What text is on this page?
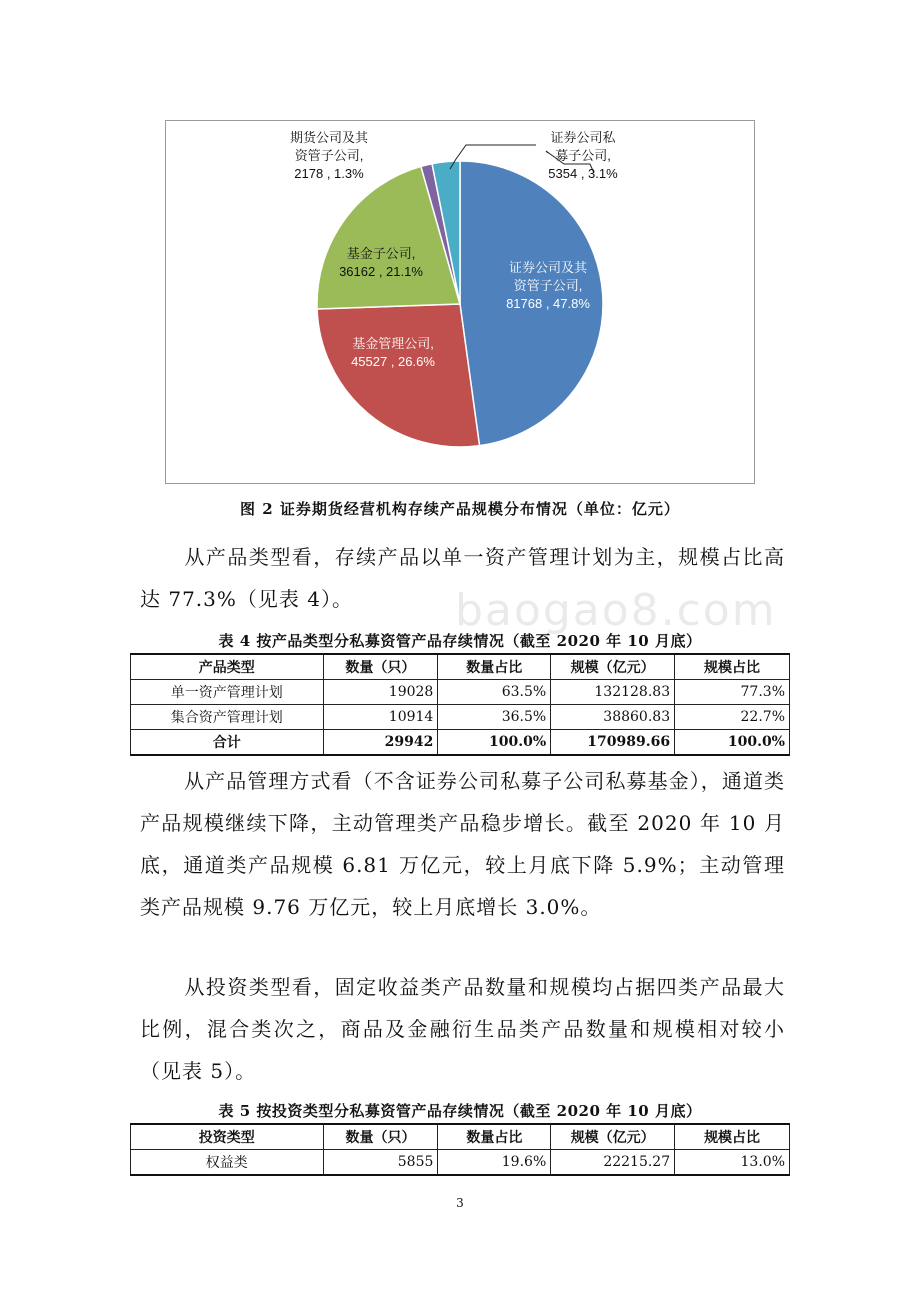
证券公司及其
资管子公司,
81768 , 47.8%
基金管理公司,
45527 , 26.6%
基金子公司,
36162 , 21.1%
期货公司及其
资管子公司,
2178 , 1.3%
证券公司私
募子公司,
5354 , 3.1%
图 2 证券期货经营机构存续产品规模分布情况（单位：亿元）
从产品类型看，存续产品以单一资产管理计划为主，规模占比高达 77.3%（见表 4）。	baogao8.com
表 4 按产品类型分私募资管产品存续情况（截至 2020 年 10 月底）
产品类型	数量（只）	数量占比	规模（亿元）	规模占比
单一资产管理计划	19028	63.5%	132128.83	77.3%
集合资产管理计划	10914	36.5%	38860.83	22.7%
合计	29942	100.0%	170989.66	100.0%
从产品管理方式看（不含证券公司私募子公司私募基金），通道类产品规模继续下降，主动管理类产品稳步增长。截至 2020 年 10 月底，通道类产品规模 6.81 万亿元，较上月底下降 5.9%；主动管理类产品规模 9.76 万亿元，较上月底增长 3.0%。
从投资类型看，固定收益类产品数量和规模均占据四类产品最大比例，混合类次之，商品及金融衍生品类产品数量和规模相对较小（见表 5）。
表 5 按投资类型分私募资管产品存续情况（截至 2020 年 10 月底）
投资类型	数量（只）	数量占比	规模（亿元）	规模占比
权益类	5855	19.6%	22215.27	13.0%
3
